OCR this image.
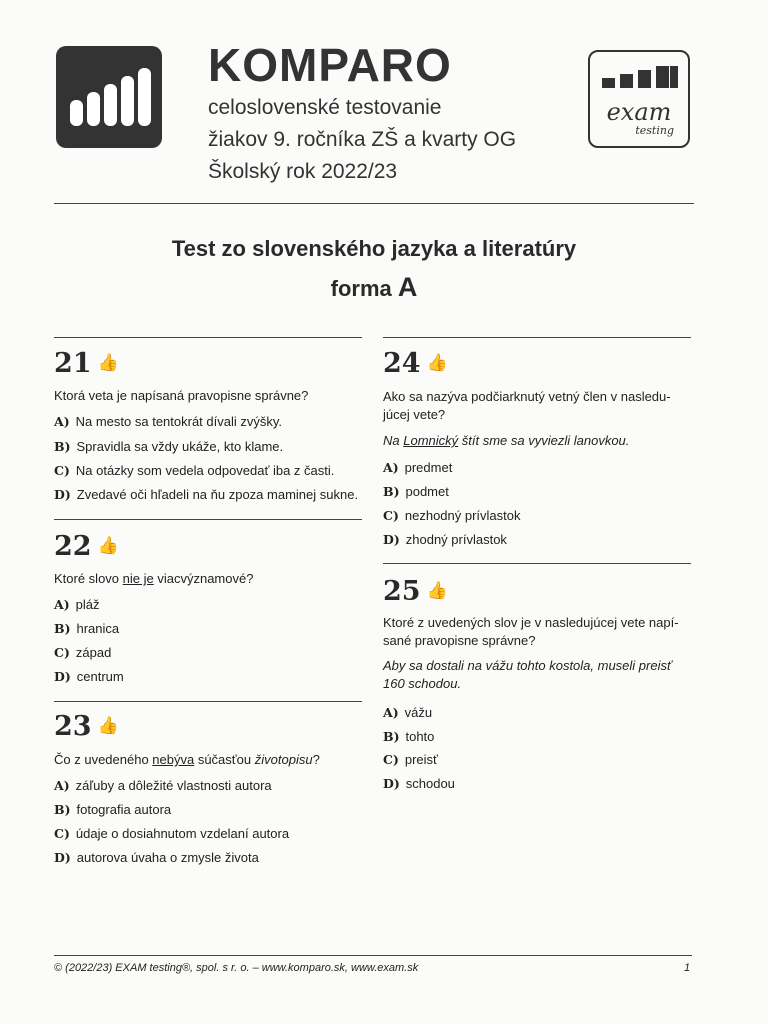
KOMPARO
celoslovenské testovanie
žiakov 9. ročníka ZŠ a kvarty OG
Školský rok 2022/23
exam
testing
Test zo slovenského jazyka a literatúry
forma A
21 👍
Ktorá veta je napísaná pravopisne správne?
A) Na mesto sa tentokrát dívali zvýšky.
B) Spravidla sa vždy ukáže, kto klame.
C) Na otázky som vedela odpovedať iba z časti.
D) Zvedavé oči hľadeli na ňu zpoza maminej sukne.
22 👍
Ktoré slovo nie je viacvýznamové?
A) pláž
B) hranica
C) západ
D) centrum
23 👍
Čo z uvedeného nebýva súčasťou životopisu?
A) záľuby a dôležité vlastnosti autora
B) fotografia autora
C) údaje o dosiahnutom vzdelaní autora
D) autorova úvaha o zmysle života
24 👍
Ako sa nazýva podčiarknutý vetný člen v nasledu-
júcej vete?
Na Lomnický štít sme sa vyviezli lanovkou.
A) predmet
B) podmet
C) nezhodný prívlastok
D) zhodný prívlastok
25 👍
Ktoré z uvedených slov je v nasledujúcej vete napí-
sané pravopisne správne?
Aby sa dostali na vážu tohto kostola, museli preisť
160 schodou.
A) vážu
B) tohto
C) preisť
D) schodou
© (2022/23) EXAM testing®, spol. s r. o. – www.komparo.sk, www.exam.sk	1
